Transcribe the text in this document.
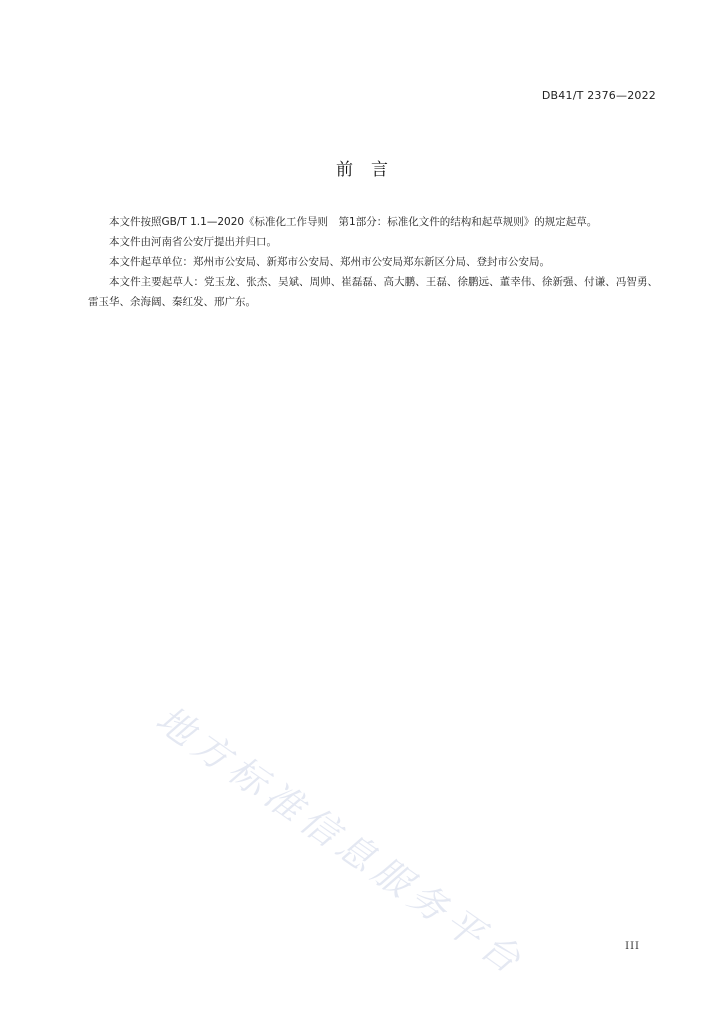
DB41/T 2376—2022
前言

本文件按照GB/T 1.1—2020《标准化工作导则　第1部分：标准化文件的结构和起草规则》的规定起草。

本文件由河南省公安厅提出并归口。

本文件起草单位：郑州市公安局、新郑市公安局、郑州市公安局郑东新区分局、登封市公安局。

本文件主要起草人：党玉龙、张杰、吴斌、周帅、崔磊磊、高大鹏、王磊、徐鹏远、董幸伟、徐新强、付谦、冯智勇、雷玉华、余海阔、秦红发、邢广东。

地方标准信息服务平台	III
